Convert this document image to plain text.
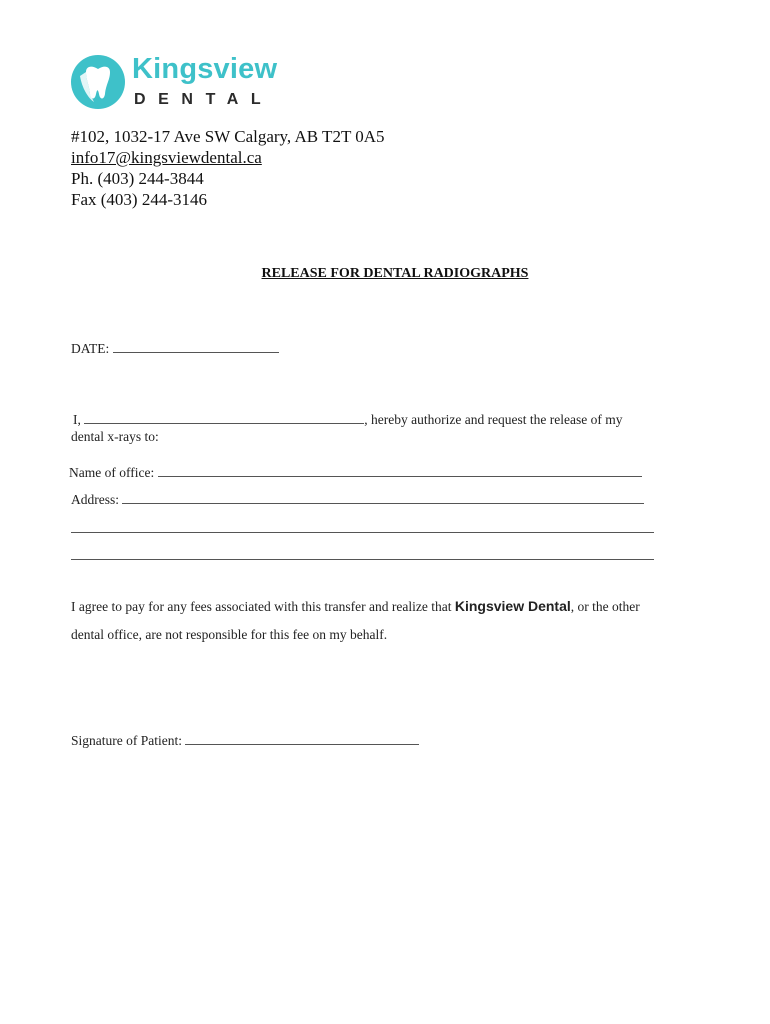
Kingsview
DENTAL
#102, 1032-17 Ave SW Calgary, AB T2T 0A5
info17@kingsviewdental.ca
Ph. (403) 244-3844
Fax (403) 244-3146
RELEASE FOR DENTAL RADIOGRAPHS
DATE:
I,	, hereby authorize and request the release of my
dental x-rays to:
Name of office:
Address:
I agree to pay for any fees associated with this transfer and realize that Kingsview Dental, or the other
dental office, are not responsible for this fee on my behalf.
Signature of Patient:
